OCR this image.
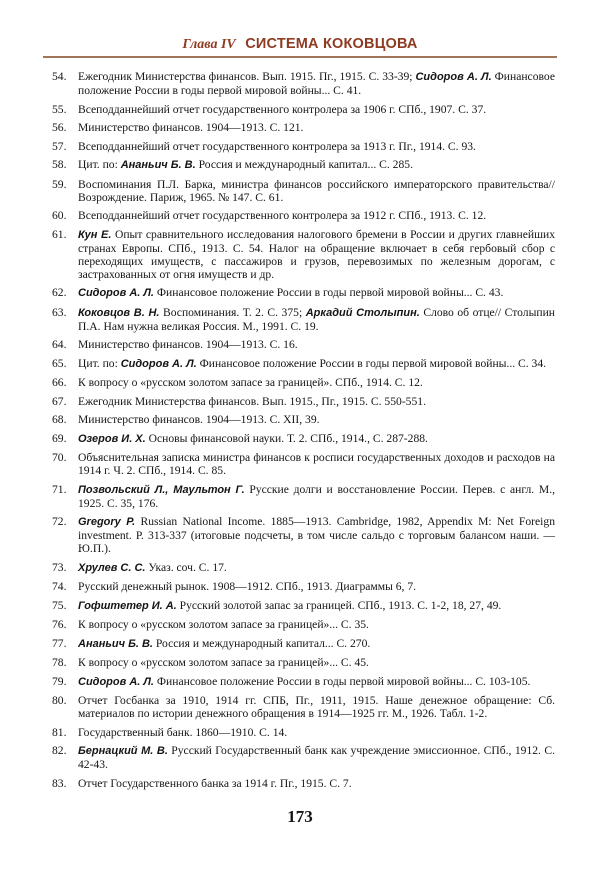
Глава IV СИСТЕМА КОКОВЦОВА
54. Ежегодник Министерства финансов. Вып. 1915. Пг., 1915. С. 33-39; Сидоров А. Л. Финансовое положение России в годы первой мировой войны... С. 41.
55. Всеподданнейший отчет государственного контролера за 1906 г. СПб., 1907. С. 37.
56. Министерство финансов. 1904—1913. С. 121.
57. Всеподданнейший отчет государственного контролера за 1913 г. Пг., 1914. С. 93.
58. Цит. по: Ананьич Б. В. Россия и международный капитал... С. 285.
59. Воспоминания П.Л. Барка, министра финансов российского императорского правительства// Возрождение. Париж, 1965. № 147. С. 61.
60. Всеподданнейший отчет государственного контролера за 1912 г. СПб., 1913. С. 12.
61.	Кун Е. Опыт сравнительного исследования налогового бремени в России и других главнейших странах Европы. СПб., 1913. С. 54. Налог на обращение включает в себя гербовый сбор с переходящих имуществ, с пассажиров и грузов, перевозимых по железным дорогам, с застрахованных от огня имуществ и др.
62.	Сидоров А. Л. Финансовое положение России в годы первой мировой войны... С. 43.
63.	Коковцов В. Н. Воспоминания. Т. 2. С. 375; Аркадий Столыпин. Слово об отце// Столыпин П.А. Нам нужна великая Россия. М., 1991. С. 19.
64. Министерство финансов. 1904—1913. С. 16.
65. Цит. по: Сидоров А. Л. Финансовое положение России в годы первой мировой войны... С. 34.
66. К вопросу о «русском золотом запасе за границей». СПб., 1914. С. 12.
67. Ежегодник Министерства финансов. Вып. 1915., Пг., 1915. С. 550-551.
68. Министерство финансов. 1904—1913. С. XII, 39.
69.	Озеров И. Х. Основы финансовой науки. Т. 2. СПб., 1914., С. 287-288.
70. Объяснительная записка министра финансов к росписи государственных доходов и расходов на 1914 г. Ч. 2. СПб., 1914. С. 85.
71.	Позвольский Л., Маультон Г. Русские долги и восстановление России. Перев. с англ. М., 1925. С. 35, 176.
72.	Gregory P. Russian National Income. 1885—1913. Cambridge, 1982, Appendix M: Net Foreign investment. P. 313-337 (итоговые подсчеты, в том числе сальдо с торговым балансом наши. — Ю.П.).
73.	Хрулев С. С. Указ. соч. С. 17.
74. Русский денежный рынок. 1908—1912. СПб., 1913. Диаграммы 6, 7.
75.	Гофштетер И. А. Русский золотой запас за границей. СПб., 1913. С. 1-2, 18, 27, 49.
76. К вопросу о «русском золотом запасе за границей»... С. 35.
77.	Ананьич Б. В. Россия и международный капитал... С. 270.
78. К вопросу о «русском золотом запасе за границей»... С. 45.
79.	Сидоров А. Л. Финансовое положение России в годы первой мировой войны... С. 103-105.
80. Отчет Госбанка за 1910, 1914 гг. СПБ, Пг., 1911, 1915. Наше денежное обращение: Сб. материалов по истории денежного обращения в 1914—1925 гг. М., 1926. Табл. 1-2.
81. Государственный банк. 1860—1910. С. 14.
82.	Бернацкий М. В. Русский Государственный банк как учреждение эмиссионное. СПб., 1912. С. 42-43.
83. Отчет Государственного банка за 1914 г. Пг., 1915. С. 7.
173
